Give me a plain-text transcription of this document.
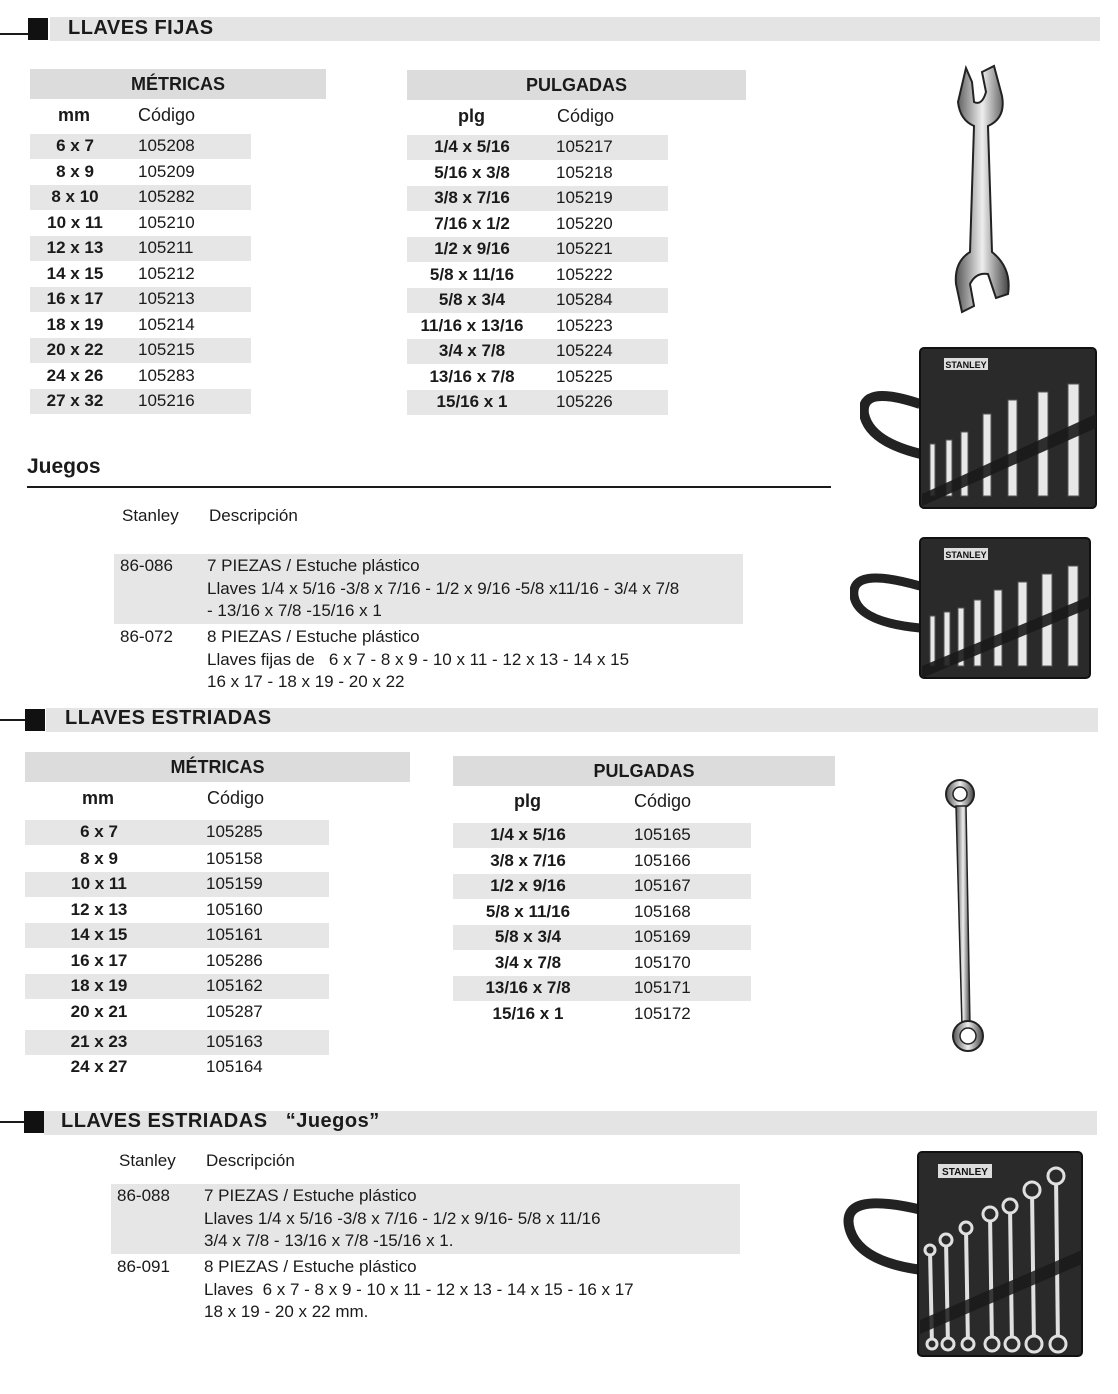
LLAVES FIJAS
MÉTRICAS
mm	Código
6 x 7	105208
8 x 9	105209
8 x 10	105282
10 x 11	105210
12 x 13	105211
14 x 15	105212
16 x 17	105213
18 x 19	105214
20 x 22	105215
24 x 26	105283
27 x 32	105216
PULGADAS
plg	Código
1/4 x 5/16	105217
5/16 x 3/8	105218
3/8 x 7/16	105219
7/16 x 1/2	105220
1/2 x 9/16	105221
5/8 x 11/16	105222
5/8 x 3/4	105284
11/16 x 13/16	105223
3/4 x 7/8	105224
13/16 x 7/8	105225
15/16 x 1	105226
Juegos
Stanley Descripción
86-086 7 PIEZAS / Estuche plástico
Llaves 1/4 x 5/16 -3/8 x 7/16 - 1/2 x 9/16 -5/8 x11/16 - 3/4 x 7/8
- 13/16 x 7/8 -15/16 x 1
86-072 8 PIEZAS / Estuche plástico
Llaves fijas de   6 x 7 - 8 x 9 - 10 x 11 - 12 x 13 - 14 x 15
16 x 17 - 18 x 19 - 20 x 22
LLAVES ESTRIADAS
MÉTRICAS
mm	Código
6 x 7	105285
8 x 9	105158
10 x 11	105159
12 x 13	105160
14 x 15	105161
16 x 17	105286
18 x 19	105162
20 x 21	105287
21 x 23	105163
24 x 27	105164
PULGADAS
plg	Código
1/4 x 5/16	105165
3/8 x 7/16	105166
1/2 x 9/16	105167
5/8 x 11/16	105168
5/8 x 3/4	105169
3/4 x 7/8	105170
13/16 x 7/8	105171
15/16 x 1	105172
LLAVES ESTRIADAS   “Juegos”
Stanley Descripción
86-088 7 PIEZAS / Estuche plástico
Llaves 1/4 x 5/16 -3/8 x 7/16 - 1/2 x 9/16- 5/8 x 11/16
3/4 x 7/8 - 13/16 x 7/8 -15/16 x 1.
86-091 8 PIEZAS / Estuche plástico
Llaves  6 x 7 - 8 x 9 - 10 x 11 - 12 x 13 - 14 x 15 - 16 x 17
18 x 19 - 20 x 22 mm.
STANLEY
STANLEY
STANLEY
